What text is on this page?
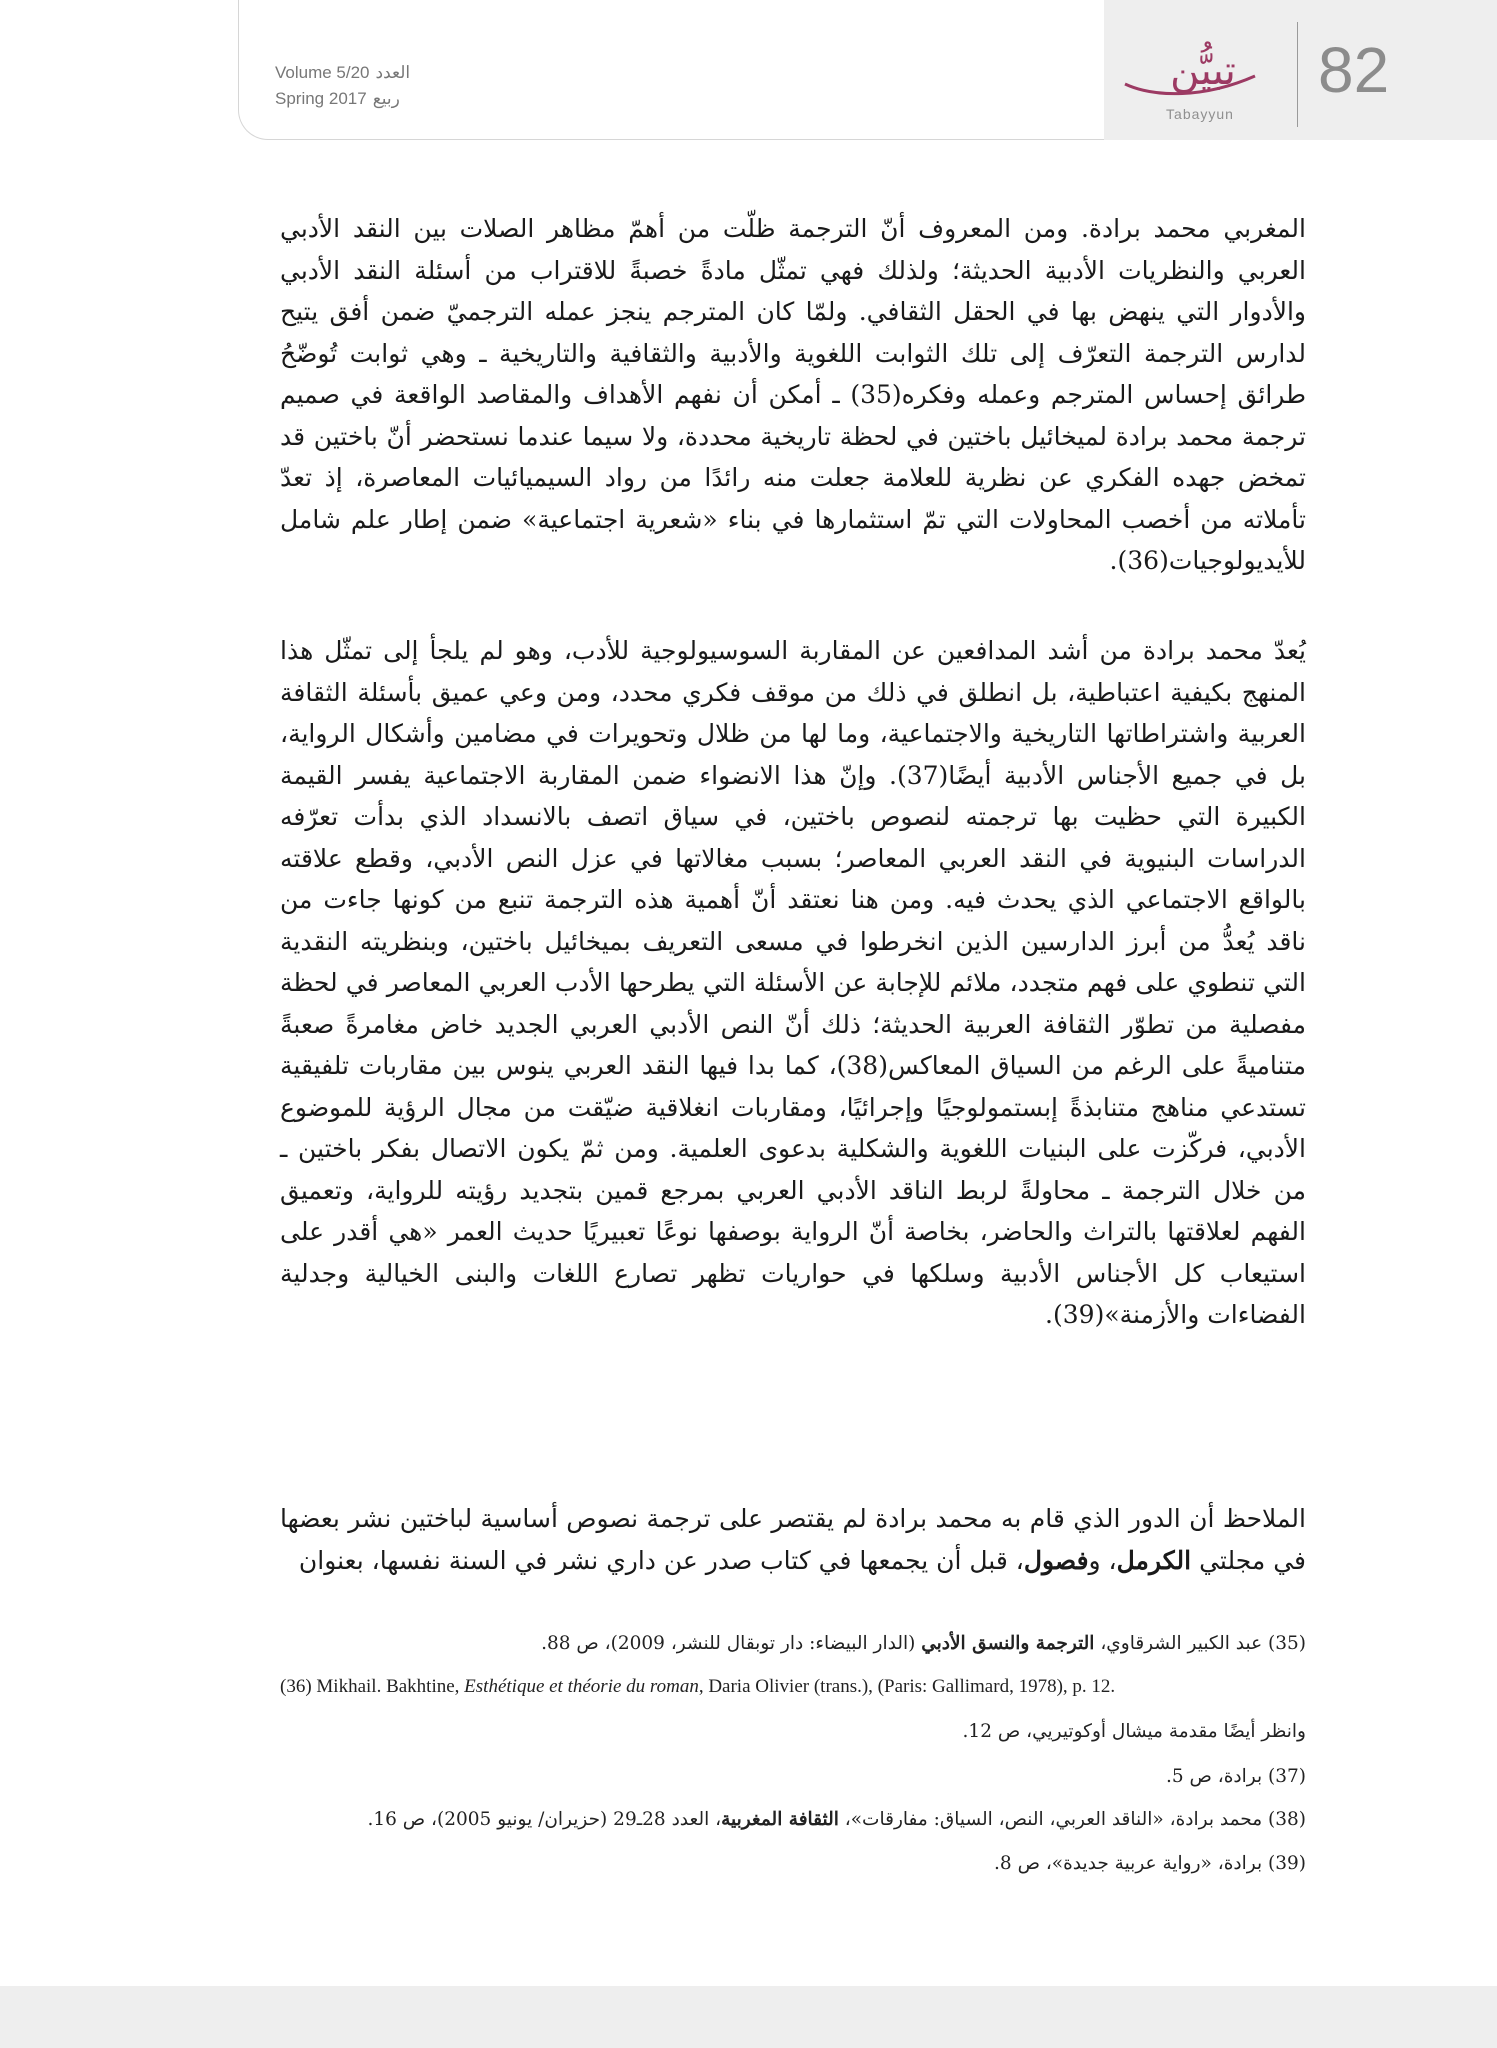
Volume 5/20 العدد
Spring 2017 ربيع
تبيُّن
Tabayyun
82

المغربي محمد برادة. ومن المعروف أنّ الترجمة ظلّت من أهمّ مظاهر الصلات بين النقد الأدبي العربي والنظريات الأدبية الحديثة؛ ولذلك فهي تمثّل مادةً خصبةً للاقتراب من أسئلة النقد الأدبي والأدوار التي ينهض بها في الحقل الثقافي. ولمّا كان المترجم ينجز عمله الترجميّ ضمن أفق يتيح لدارس الترجمة التعرّف إلى تلك الثوابت اللغوية والأدبية والثقافية والتاريخية ـ وهي ثوابت تُوضّحُ طرائق إحساس المترجم وعمله وفكره(35) ـ أمكن أن نفهم الأهداف والمقاصد الواقعة في صميم ترجمة محمد برادة لميخائيل باختين في لحظة تاريخية محددة، ولا سيما عندما نستحضر أنّ باختين قد تمخض جهده الفكري عن نظرية للعلامة جعلت منه رائدًا من رواد السيميائيات المعاصرة، إذ تعدّ تأملاته من أخصب المحاولات التي تمّ استثمارها في بناء «شعرية اجتماعية» ضمن إطار علم شامل للأيديولوجيات(36).

يُعدّ محمد برادة من أشد المدافعين عن المقاربة السوسيولوجية للأدب، وهو لم يلجأ إلى تمثّل هذا المنهج بكيفية اعتباطية، بل انطلق في ذلك من موقف فكري محدد، ومن وعي عميق بأسئلة الثقافة العربية واشتراطاتها التاريخية والاجتماعية، وما لها من ظلال وتحويرات في مضامين وأشكال الرواية، بل في جميع الأجناس الأدبية أيضًا(37). وإنّ هذا الانضواء ضمن المقاربة الاجتماعية يفسر القيمة الكبيرة التي حظيت بها ترجمته لنصوص باختين، في سياق اتصف بالانسداد الذي بدأت تعرّفه الدراسات البنيوية في النقد العربي المعاصر؛ بسبب مغالاتها في عزل النص الأدبي، وقطع علاقته بالواقع الاجتماعي الذي يحدث فيه. ومن هنا نعتقد أنّ أهمية هذه الترجمة تنبع من كونها جاءت من ناقد يُعدُّ من أبرز الدارسين الذين انخرطوا في مسعى التعريف بميخائيل باختين، وبنظريته النقدية التي تنطوي على فهم متجدد، ملائم للإجابة عن الأسئلة التي يطرحها الأدب العربي المعاصر في لحظة مفصلية من تطوّر الثقافة العربية الحديثة؛ ذلك أنّ النص الأدبي العربي الجديد خاض مغامرةً صعبةً متناميةً على الرغم من السياق المعاكس(38)، كما بدا فيها النقد العربي ينوس بين مقاربات تلفيقية تستدعي مناهج متنابذةً إبستمولوجيًا وإجرائيًا، ومقاربات انغلاقية ضيّقت من مجال الرؤية للموضوع الأدبي، فركّزت على البنيات اللغوية والشكلية بدعوى العلمية. ومن ثمّ يكون الاتصال بفكر باختين ـ من خلال الترجمة ـ محاولةً لربط الناقد الأدبي العربي بمرجع قمين بتجديد رؤيته للرواية، وتعميق الفهم لعلاقتها بالتراث والحاضر، بخاصة أنّ الرواية بوصفها نوعًا تعبيريًا حديث العمر «هي أقدر على استيعاب كل الأجناس الأدبية وسلكها في حواريات تظهر تصارع اللغات والبنى الخيالية وجدلية الفضاءات والأزمنة»(39).

الملاحظ أن الدور الذي قام به محمد برادة لم يقتصر على ترجمة نصوص أساسية لباختين نشر بعضها في مجلتي الكرمل، وفصول، قبل أن يجمعها في كتاب صدر عن داري نشر في السنة نفسها، بعنوان

(35) عبد الكبير الشرقاوي، الترجمة والنسق الأدبي (الدار البيضاء: دار توبقال للنشر، 2009)، ص 88.
(36) Mikhail. Bakhtine, Esthétique et théorie du roman, Daria Olivier (trans.), (Paris: Gallimard, 1978), p. 12.
وانظر أيضًا مقدمة ميشال أوكوتيريي، ص 12.
(37) برادة، ص 5.
(38) محمد برادة، «الناقد العربي، النص، السياق: مفارقات»، الثقافة المغربية، العدد 28ـ29 (حزيران/ يونيو 2005)، ص 16.
(39) برادة، «رواية عربية جديدة»، ص 8.
